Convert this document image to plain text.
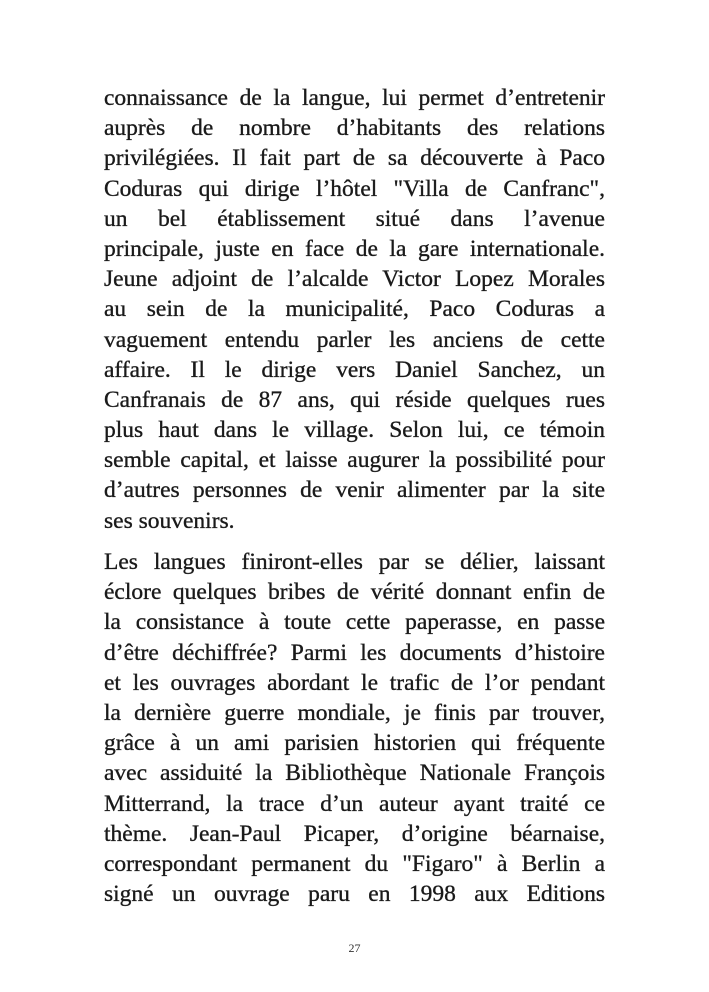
connaissance de la langue, lui permet d’entretenir
auprès de nombre d’habitants des relations
privilégiées. Il fait part de sa découverte à Paco
Coduras qui dirige l’hôtel "Villa de Canfranc",
un bel établissement situé dans l’avenue
principale, juste en face de la gare internationale.
Jeune adjoint de l’alcalde Victor Lopez Morales
au sein de la municipalité, Paco Coduras a
vaguement entendu parler les anciens de cette
affaire. Il le dirige vers Daniel Sanchez, un
Canfranais de 87 ans, qui réside quelques rues
plus haut dans le village. Selon lui, ce témoin
semble capital, et laisse augurer la possibilité pour
d’autres personnes de venir alimenter par la site
ses souvenirs.
Les langues finiront-elles par se délier, laissant
éclore quelques bribes de vérité donnant enfin de
la consistance à toute cette paperasse, en passe
d’être déchiffrée? Parmi les documents d’histoire
et les ouvrages abordant le trafic de l’or pendant
la dernière guerre mondiale, je finis par trouver,
grâce à un ami parisien historien qui fréquente
avec assiduité la Bibliothèque Nationale François
Mitterrand, la trace d’un auteur ayant traité ce
thème. Jean-Paul Picaper, d’origine béarnaise,
correspondant permanent du "Figaro" à Berlin a
signé un ouvrage paru en 1998 aux Editions
27
